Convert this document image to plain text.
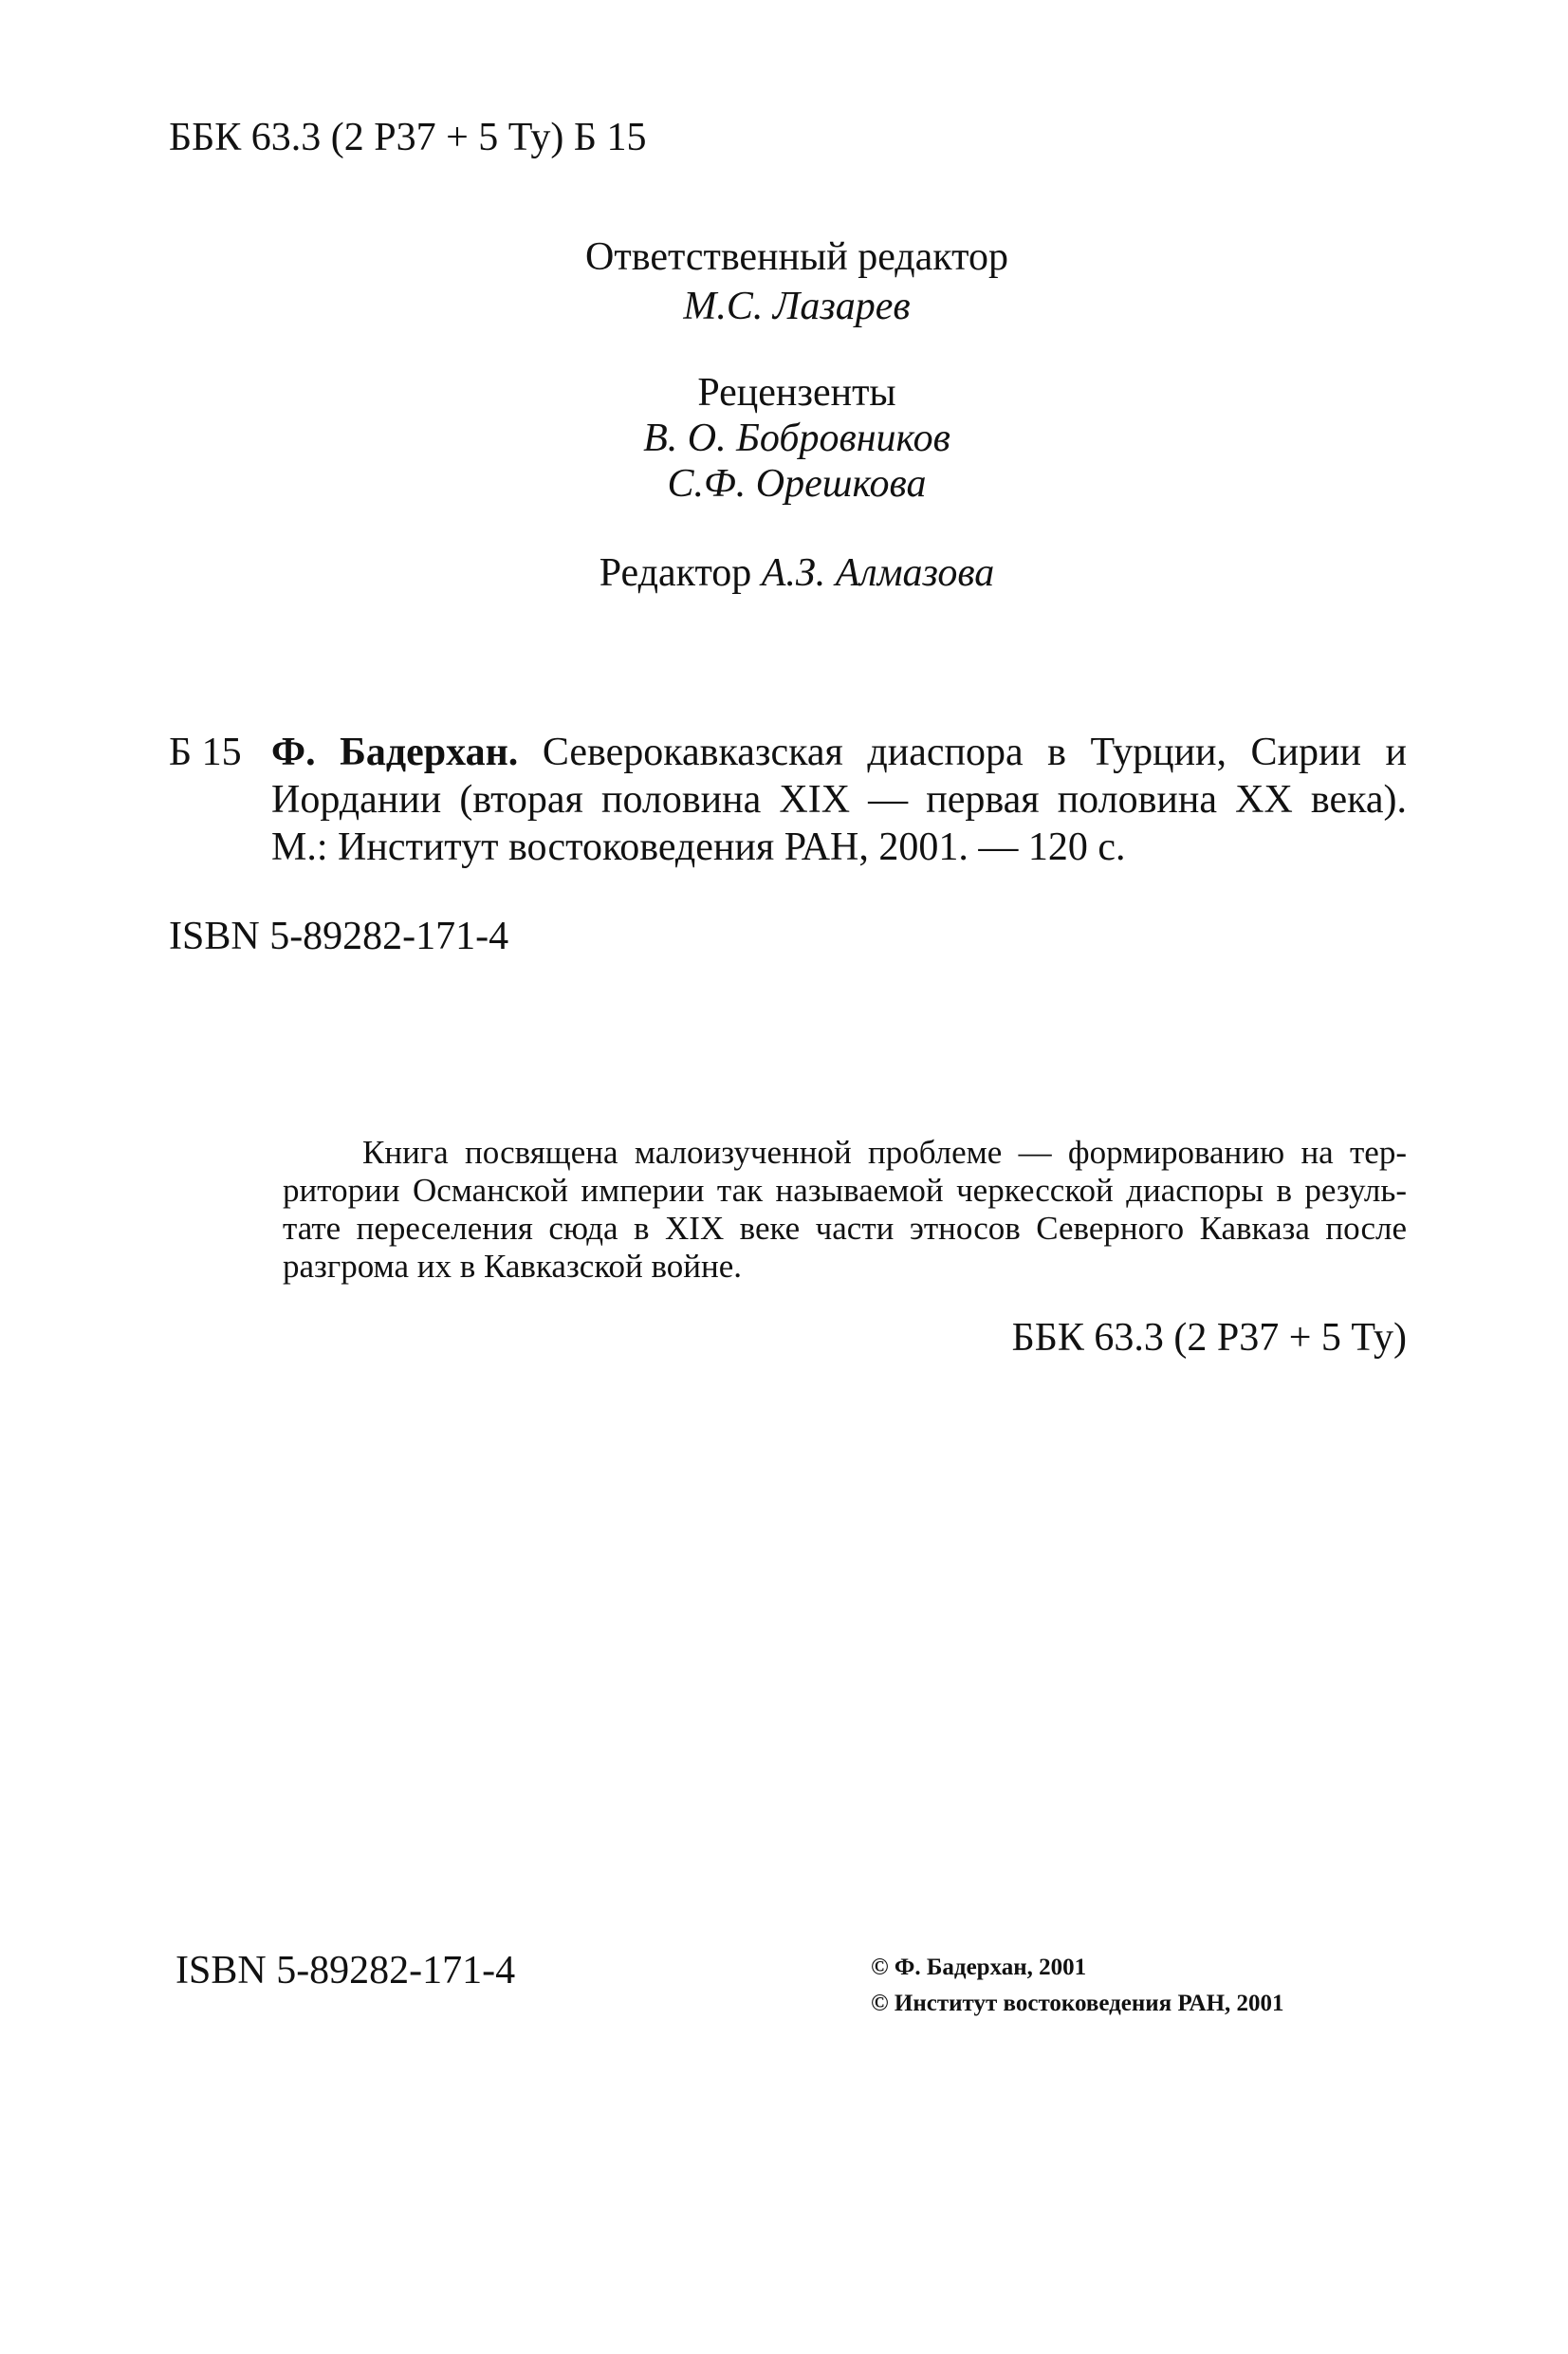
ББК 63.3 (2 Р37 + 5 Ту) Б 15
Ответственный редактор
М.С. Лазарев
Рецензенты
В. О. Бобровников
С.Ф. Орешкова
Редактор А.З. Алмазова
Б 15 Ф. Бадерхан. Северокавказская диаспора в Турции, Сирии и
Иордании (вторая половина XIX — первая половина XX века).
М.: Институт востоковедения РАН, 2001. — 120 с.
ISBN 5-89282-171-4
Книга посвящена малоизученной проблеме — формированию на тер-
ритории Османской империи так называемой черкесской диаспоры в резуль-
тате переселения сюда в XIX веке части этносов Северного Кавказа после
разгрома их в Кавказской войне.
ББК 63.3 (2 Р37 + 5 Ту)
ISBN 5-89282-171-4	© Ф. Бадерхан, 2001
© Институт востоковедения РАН, 2001
